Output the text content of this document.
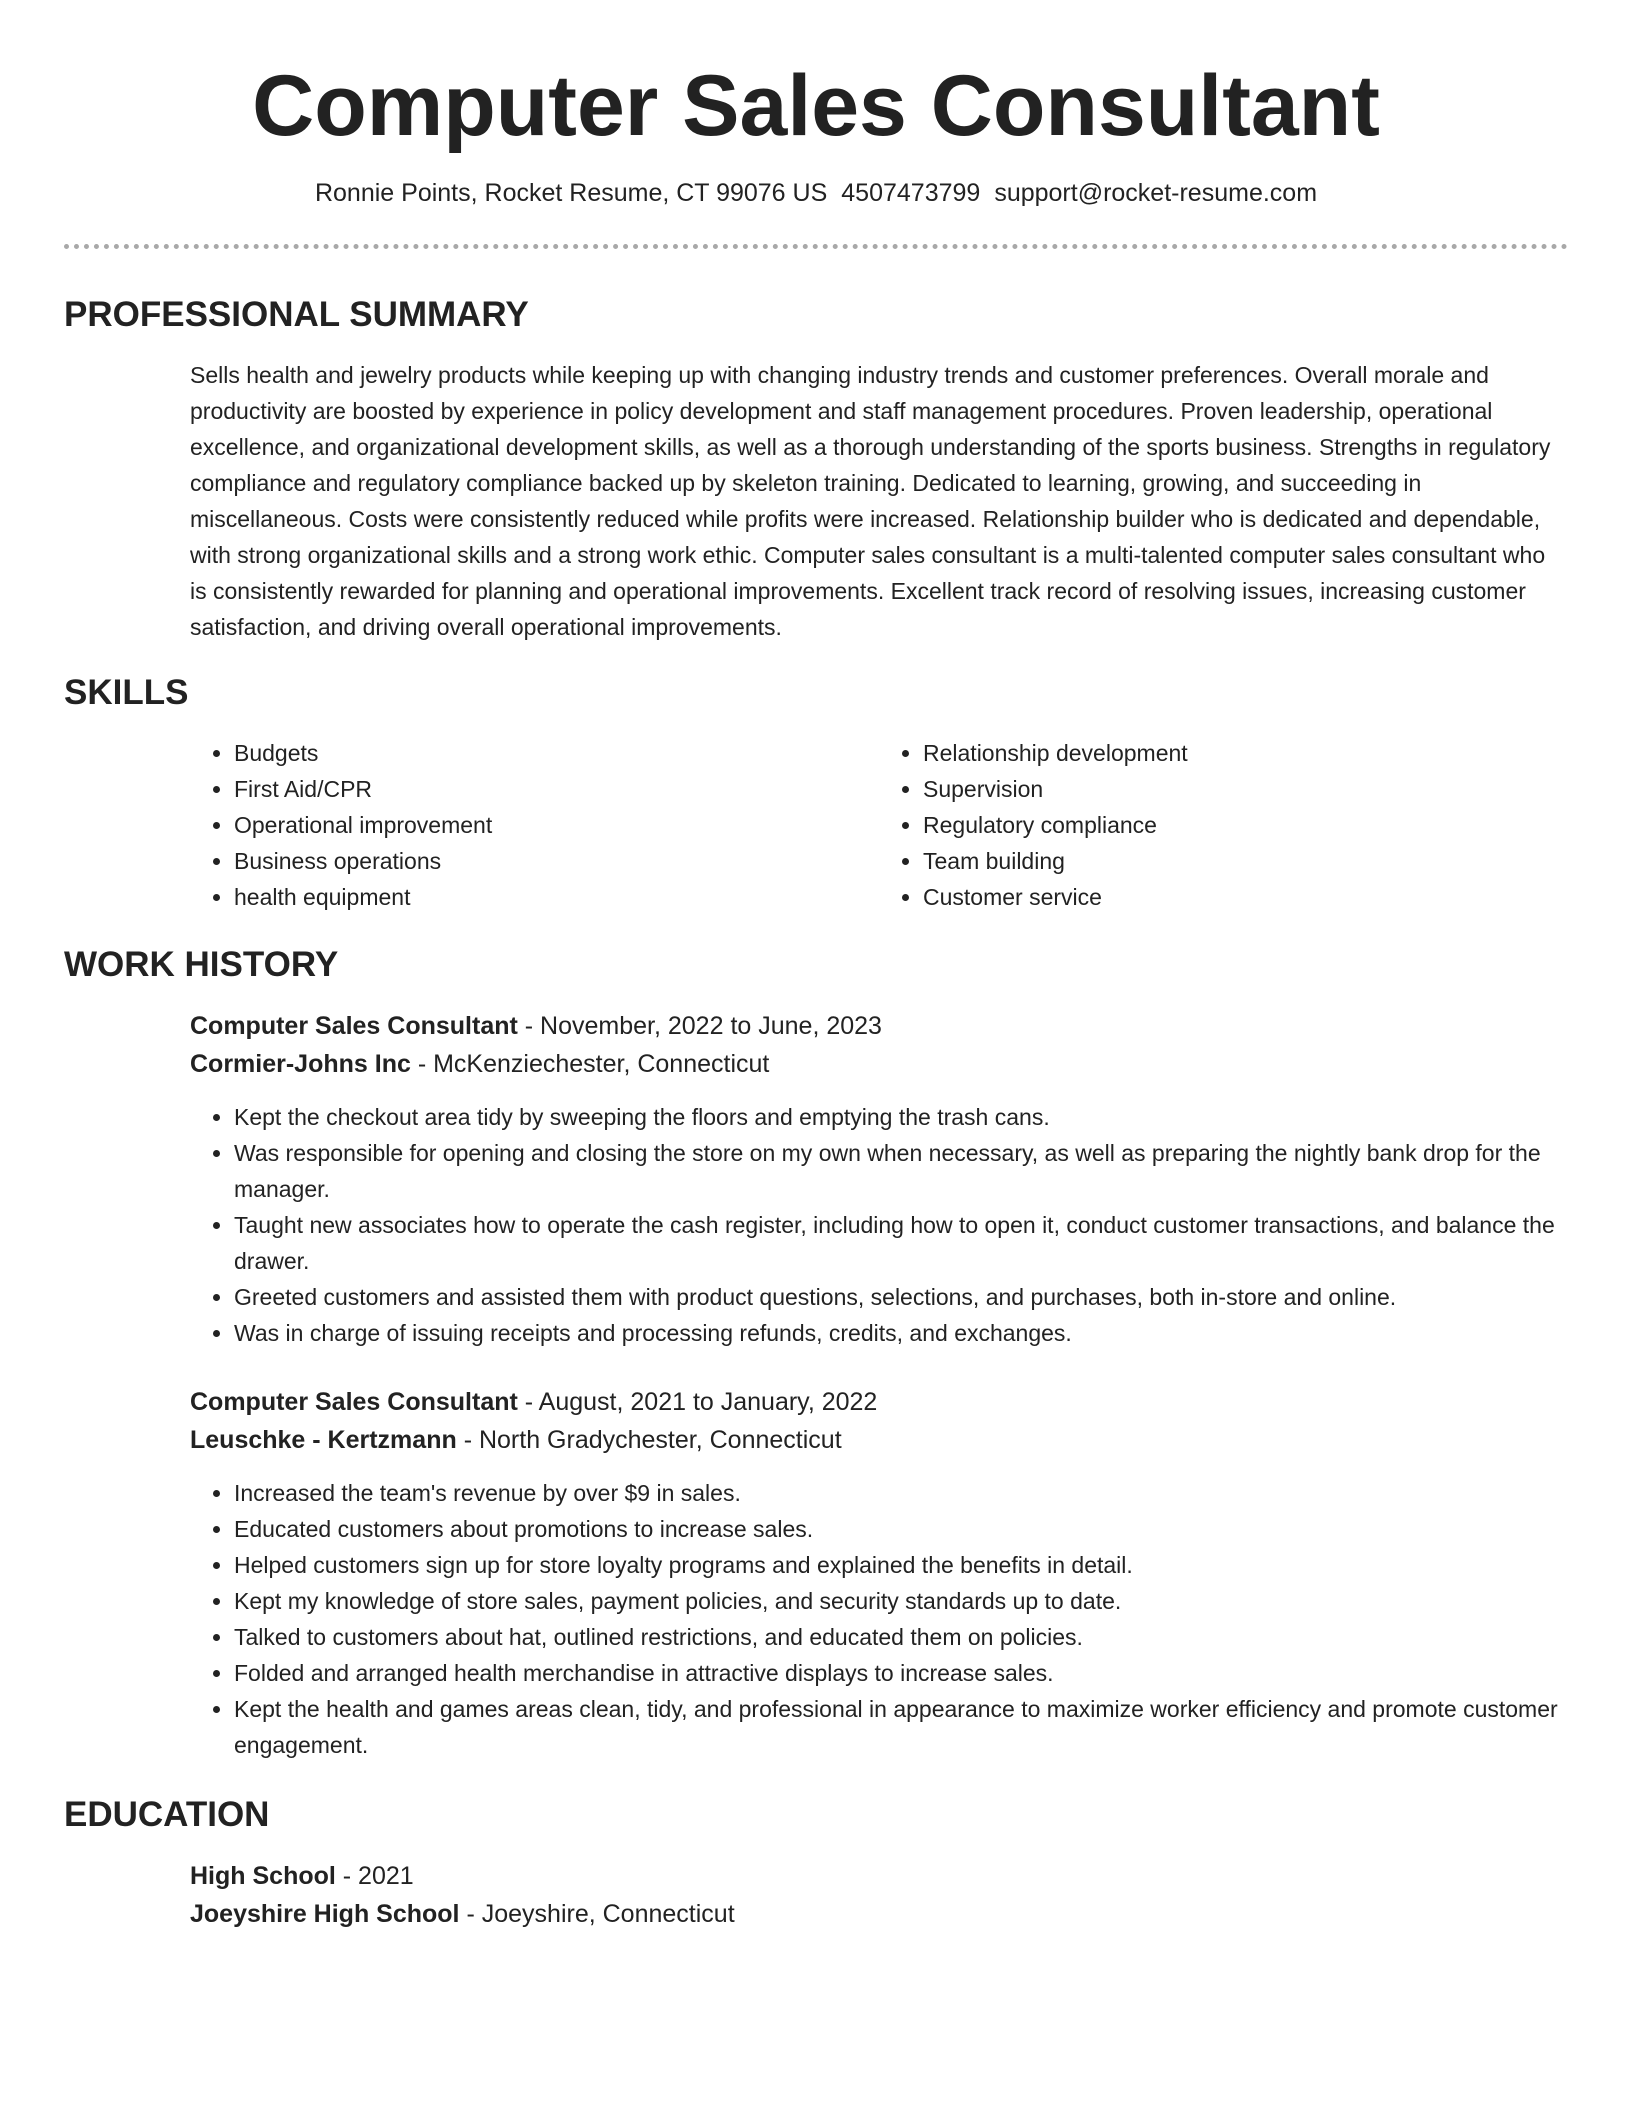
Computer Sales Consultant
Ronnie Points, Rocket Resume, CT 99076 US 4507473799 support@rocket-resume.com
PROFESSIONAL SUMMARY

Sells health and jewelry products while keeping up with changing industry trends and customer preferences. Overall morale and productivity are boosted by experience in policy development and staff management procedures. Proven leadership, operational excellence, and organizational development skills, as well as a thorough understanding of the sports business. Strengths in regulatory compliance and regulatory compliance backed up by skeleton training. Dedicated to learning, growing, and succeeding in miscellaneous. Costs were consistently reduced while profits were increased. Relationship builder who is dedicated and dependable, with strong organizational skills and a strong work ethic. Computer sales consultant is a multi-talented computer sales consultant who is consistently rewarded for planning and operational improvements. Excellent track record of resolving issues, increasing customer satisfaction, and driving overall operational improvements.

SKILLS
• Budgets
• First Aid/CPR
• Operational improvement
• Business operations
• health equipment
• Relationship development
• Supervision
• Regulatory compliance
• Team building
• Customer service
WORK HISTORY
Computer Sales Consultant - November, 2022 to June, 2023
Cormier-Johns Inc - McKenziechester, Connecticut
• Kept the checkout area tidy by sweeping the floors and emptying the trash cans.
• Was responsible for opening and closing the store on my own when necessary, as well as preparing the nightly bank drop for the manager.
• Taught new associates how to operate the cash register, including how to open it, conduct customer transactions, and balance the drawer.
• Greeted customers and assisted them with product questions, selections, and purchases, both in-store and online.
• Was in charge of issuing receipts and processing refunds, credits, and exchanges.
Computer Sales Consultant - August, 2021 to January, 2022
Leuschke - Kertzmann - North Gradychester, Connecticut
• Increased the team's revenue by over $9 in sales.
• Educated customers about promotions to increase sales.
• Helped customers sign up for store loyalty programs and explained the benefits in detail.
• Kept my knowledge of store sales, payment policies, and security standards up to date.
• Talked to customers about hat, outlined restrictions, and educated them on policies.
• Folded and arranged health merchandise in attractive displays to increase sales.
• Kept the health and games areas clean, tidy, and professional in appearance to maximize worker efficiency and promote customer engagement.
EDUCATION
High School - 2021
Joeyshire High School - Joeyshire, Connecticut
